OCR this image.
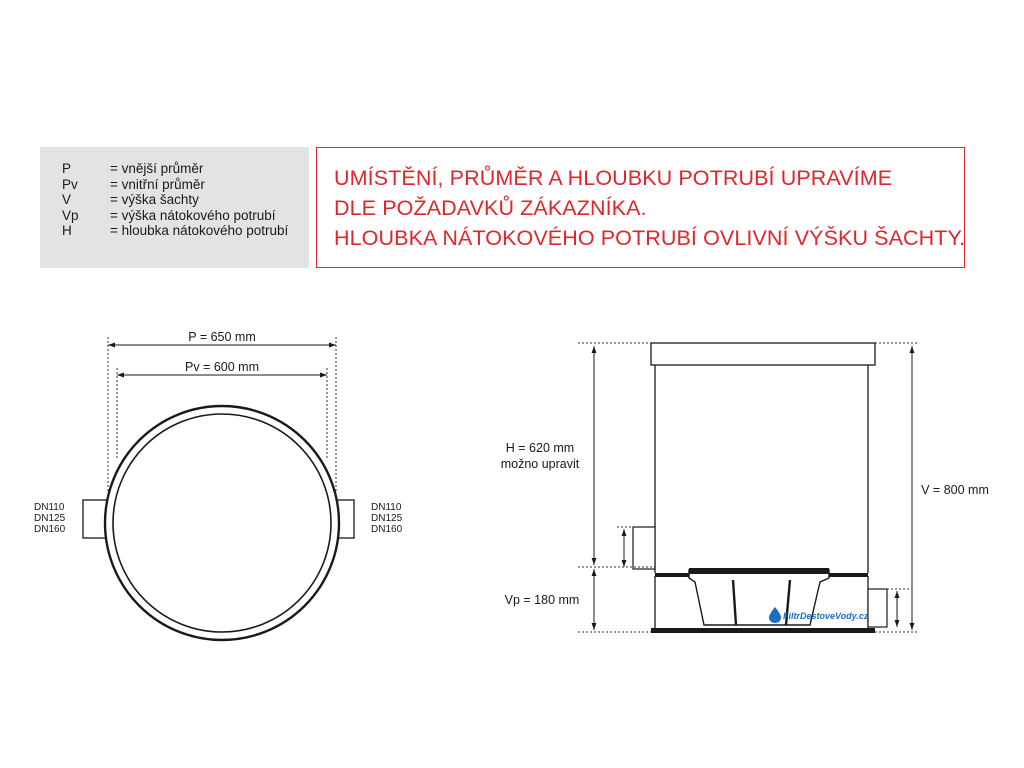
P	= vnější průměr
Pv	= vnitřní průměr
V	= výška šachty
Vp	= výška nátokového potrubí
H	= hloubka nátokového potrubí
UMÍSTĚNÍ, PRŮMĚR A HLOUBKU POTRUBÍ UPRAVÍME
DLE POŽADAVKŮ ZÁKAZNÍKA.
HLOUBKA NÁTOKOVÉHO POTRUBÍ OVLIVNÍ VÝŠKU ŠACHTY.
P = 650 mm
Pv = 600 mm
DN110
DN125
DN160
DN110
DN125
DN160
H = 620 mm
možno upravit
V = 800 mm
Vp = 180 mm
FiltrDestoveVody.cz
